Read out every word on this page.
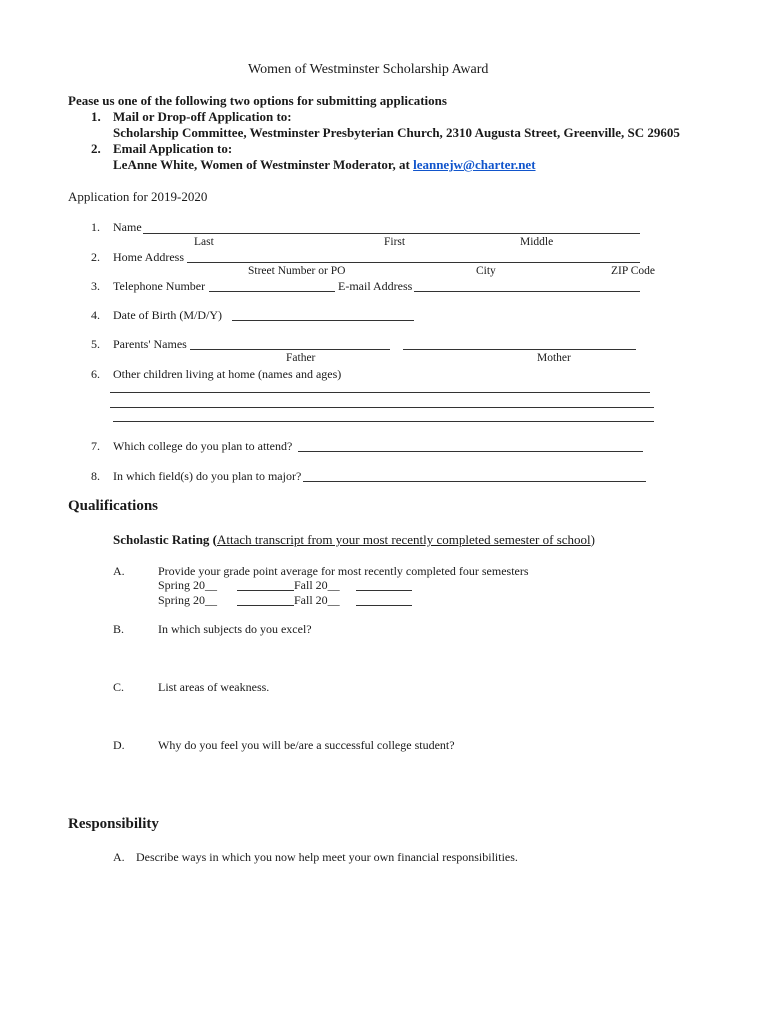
Women of Westminster Scholarship Award
Pease us one of the following two options for submitting applications
1. Mail or Drop-off Application to:
Scholarship Committee, Westminster Presbyterian Church, 2310 Augusta Street, Greenville, SC 29605
2. Email Application to:
LeAnne White, Women of Westminster Moderator, at leannejw@charter.net
Application for 2019-2020
1. Name
Last	First	Middle
2. Home Address
Street Number or PO	City	ZIP Code
3. Telephone Number	E-mail Address
4. Date of Birth (M/D/Y)
5. Parents' Names
Father	Mother
6. Other children living at home (names and ages)
7. Which college do you plan to attend?
8. In which field(s) do you plan to major?
Qualifications
Scholastic Rating (Attach transcript from your most recently completed semester of school)
A.	Provide your grade point average for most recently completed four semesters
Spring 20__	Fall 20__
Spring 20__	Fall 20__
B.	In which subjects do you excel?
C.	List areas of weakness.
D.	Why do you feel you will be/are a successful college student?
Responsibility
A. Describe ways in which you now help meet your own financial responsibilities.
